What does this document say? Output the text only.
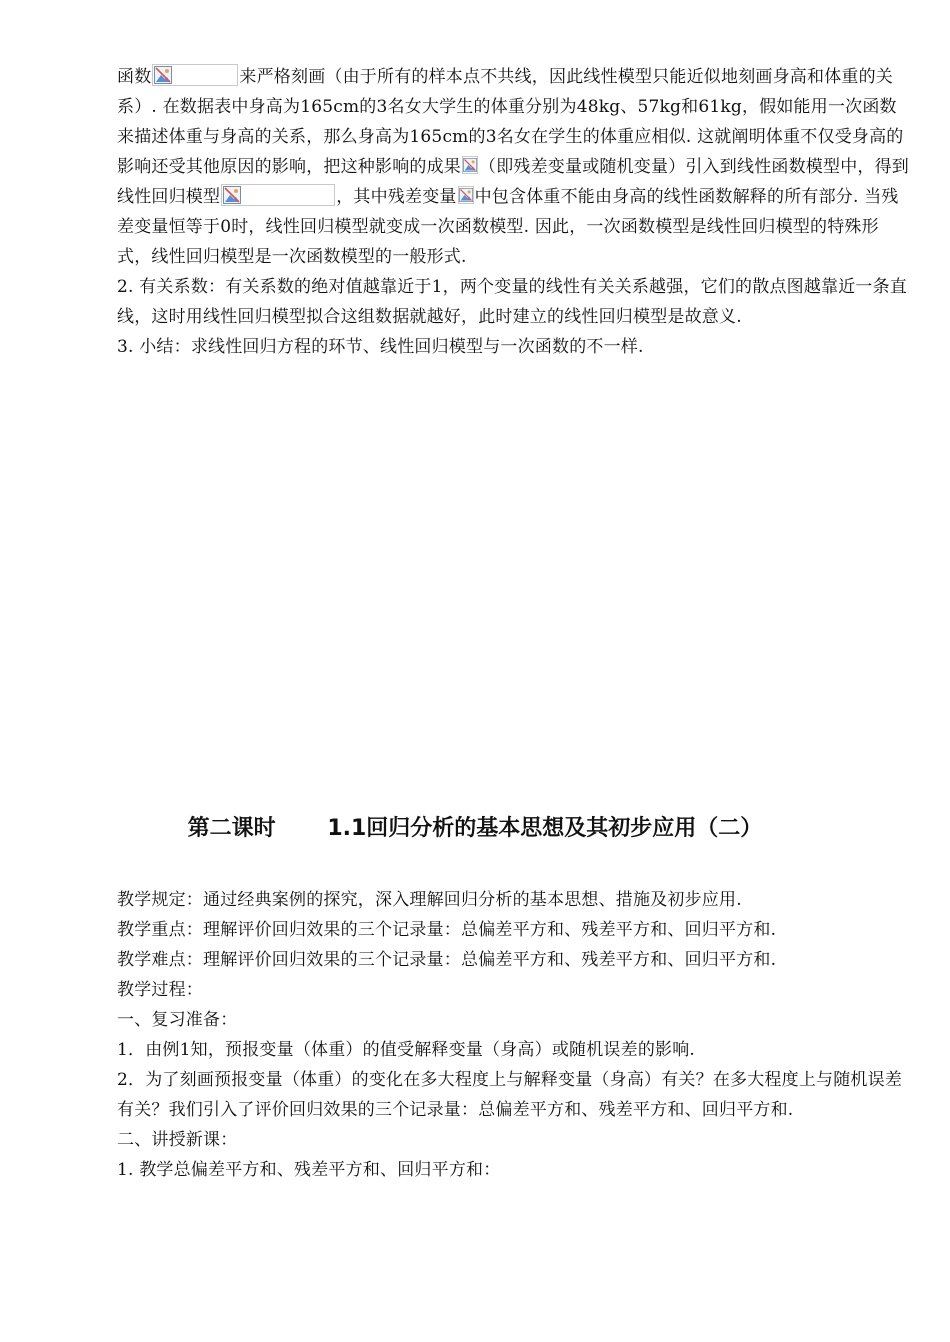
函数	来严格刻画（由于所有的样本点不共线，因此线性模型只能近似地刻画身高和体重的关系）. 在数据表中身高为165cm的3名女大学生的体重分别为48kg、57kg和61kg，假如能用一次函数来描述体重与身高的关系，那么身高为165cm的3名女在学生的体重应相似. 这就阐明体重不仅受身高的影响还受其他原因的影响，把这种影响的成果 （即残差变量或随机变量）引入到线性函数模型中，得到线性回归模型	，其中残差变量 中包含体重不能由身高的线性函数解释的所有部分. 当残差变量恒等于0时，线性回归模型就变成一次函数模型. 因此，一次函数模型是线性回归模型的特殊形式，线性回归模型是一次函数模型的一般形式.

2. 有关系数：有关系数的绝对值越靠近于1，两个变量的线性有关关系越强，它们的散点图越靠近一条直线，这时用线性回归模型拟合这组数据就越好，此时建立的线性回归模型是故意义.

3. 小结：求线性回归方程的环节、线性回归模型与一次函数的不一样.

第二课时　　 1.1回归分析的基本思想及其初步应用（二）

教学规定：通过经典案例的探究，深入理解回归分析的基本思想、措施及初步应用.

教学重点：理解评价回归效果的三个记录量：总偏差平方和、残差平方和、回归平方和.

教学难点：理解评价回归效果的三个记录量：总偏差平方和、残差平方和、回归平方和.

教学过程：

一、复习准备：

1．由例1知，预报变量（体重）的值受解释变量（身高）或随机误差的影响.

2．为了刻画预报变量（体重）的变化在多大程度上与解释变量（身高）有关？在多大程度上与随机误差有关？我们引入了评价回归效果的三个记录量：总偏差平方和、残差平方和、回归平方和.

二、讲授新课：

1. 教学总偏差平方和、残差平方和、回归平方和：
